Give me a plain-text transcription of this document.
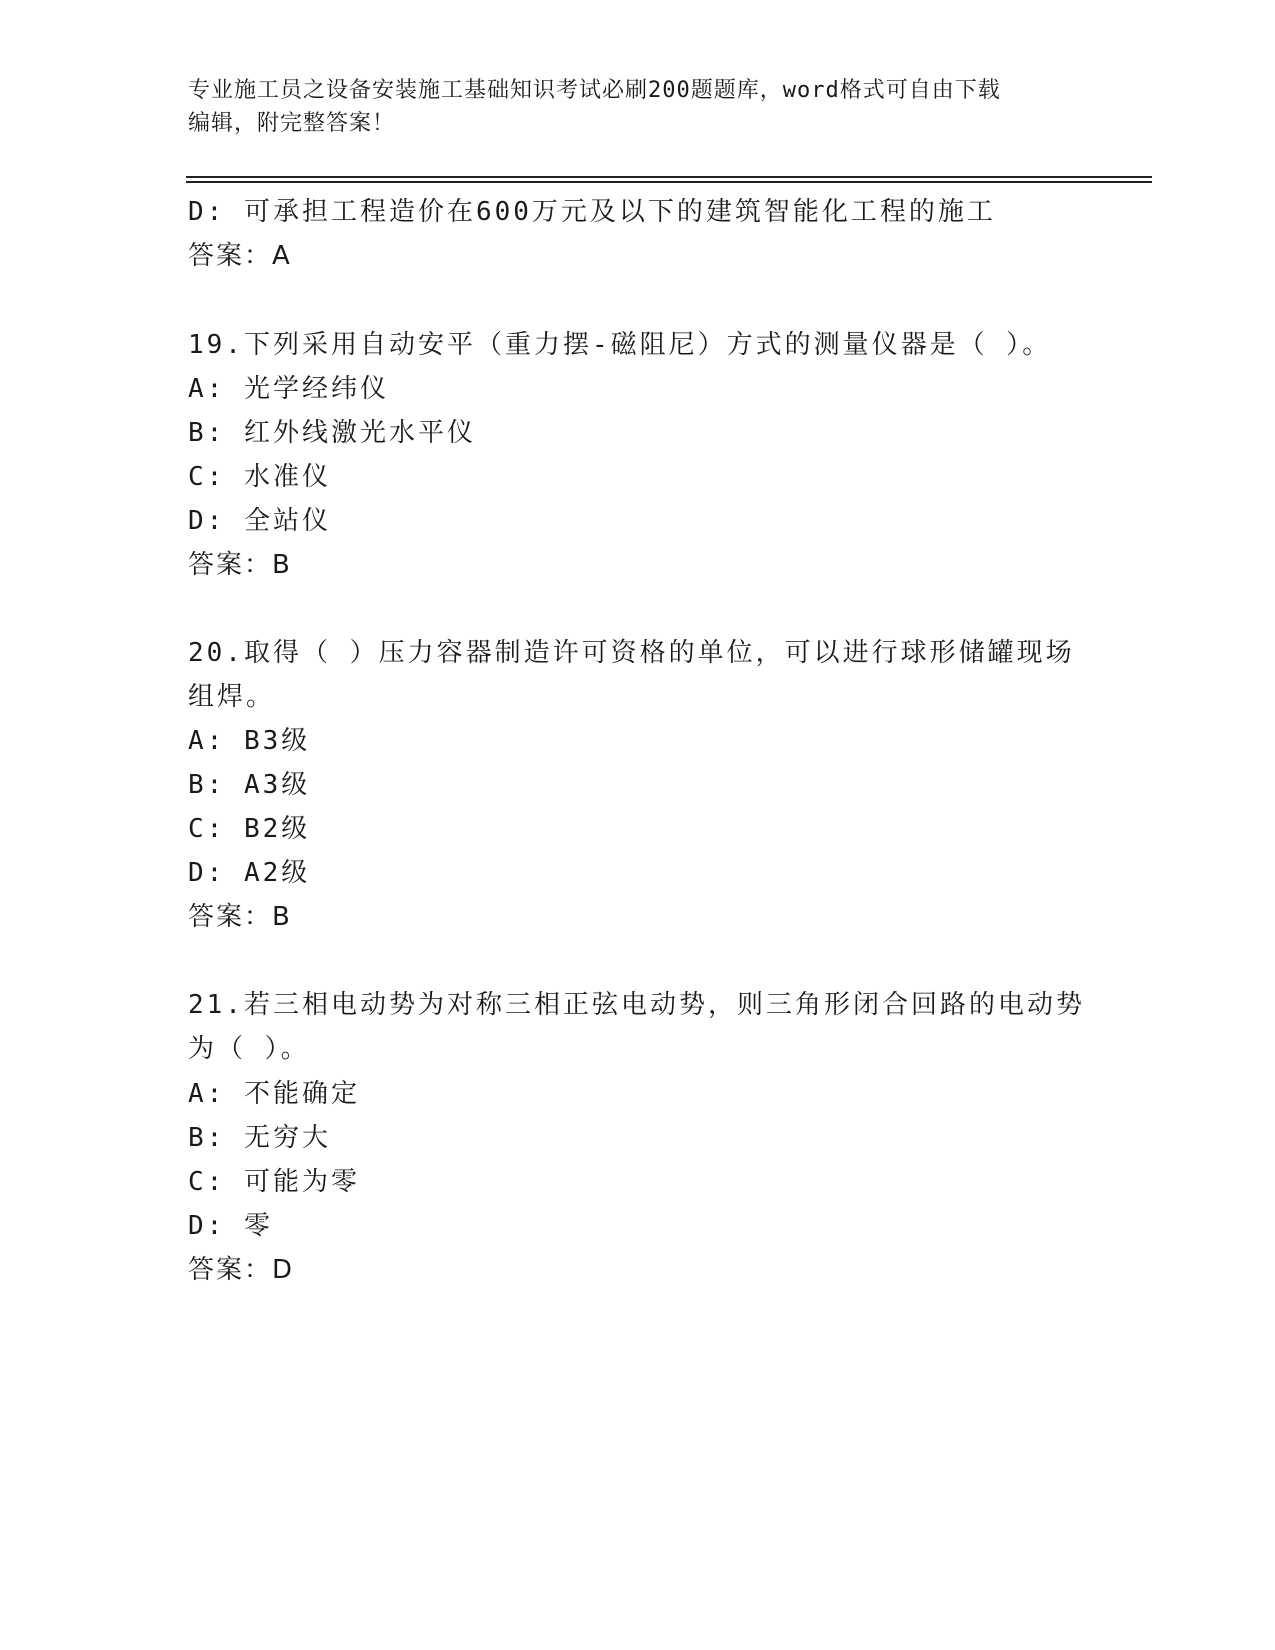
专业施工员之设备安装施工基础知识考试必刷200题题库，word格式可自由下载
编辑，附完整答案！
D: 可承担工程造价在600万元及以下的建筑智能化工程的施工
答案：A
19.下列采用自动安平（重力摆-磁阻尼）方式的测量仪器是（ ）。
A: 光学经纬仪
B: 红外线激光水平仪
C: 水准仪
D: 全站仪
答案：B
20.取得（ ）压力容器制造许可资格的单位，可以进行球形储罐现场
组焊。
A: B3级
B: A3级
C: B2级
D: A2级
答案：B
21.若三相电动势为对称三相正弦电动势，则三角形闭合回路的电动势
为（ ）。
A: 不能确定
B: 无穷大
C: 可能为零
D: 零
答案：D
